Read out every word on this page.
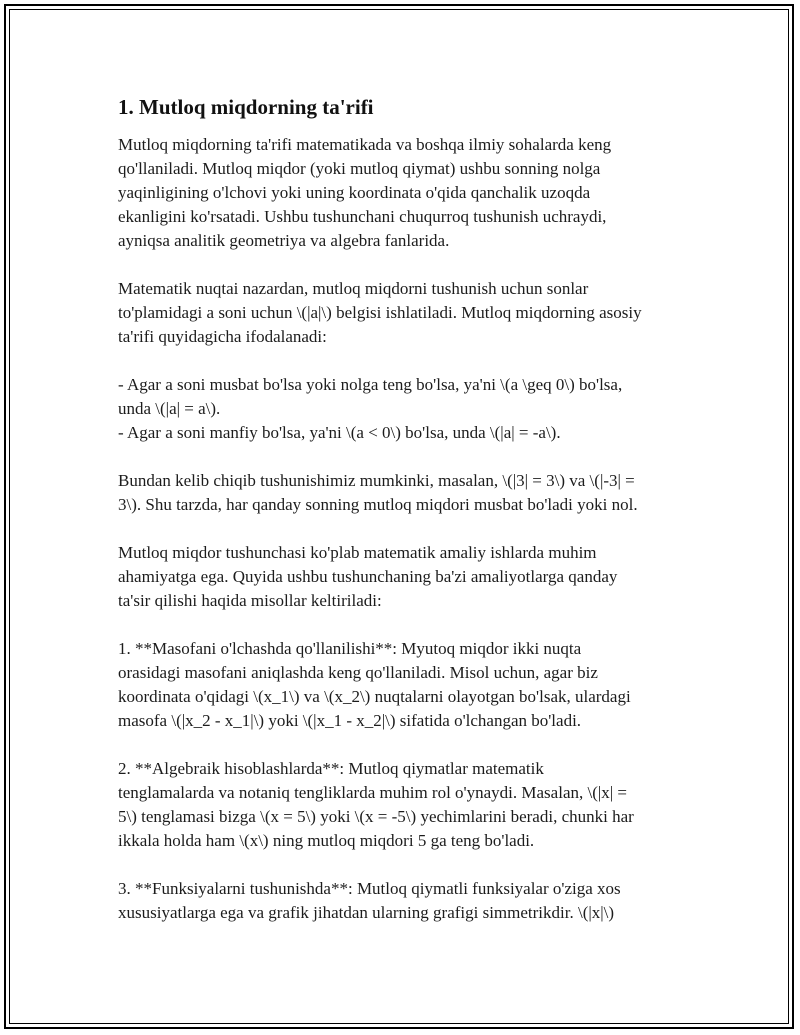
1. Mutloq miqdorning ta'rifi

Mutloq miqdorning ta'rifi matematikada va boshqa ilmiy sohalarda keng
qo'llaniladi. Mutloq miqdor (yoki mutloq qiymat) ushbu sonning nolga
yaqinligining o'lchovi yoki uning koordinata o'qida qanchalik uzoqda
ekanligini ko'rsatadi. Ushbu tushunchani chuqurroq tushunish uchraydi,
ayniqsa analitik geometriya va algebra fanlarida.

Matematik nuqtai nazardan, mutloq miqdorni tushunish uchun sonlar
to'plamidagi a soni uchun \(|a|\) belgisi ishlatiladi. Mutloq miqdorning asosiy
ta'rifi quyidagicha ifodalanadi:

- Agar a soni musbat bo'lsa yoki nolga teng bo'lsa, ya'ni \(a \geq 0\) bo'lsa,
unda \(|a| = a\).
- Agar a soni manfiy bo'lsa, ya'ni \(a < 0\) bo'lsa, unda \(|a| = -a\).

Bundan kelib chiqib tushunishimiz mumkinki, masalan, \(|3| = 3\) va \(|-3| =
3\). Shu tarzda, har qanday sonning mutloq miqdori musbat bo'ladi yoki nol.

Mutloq miqdor tushunchasi ko'plab matematik amaliy ishlarda muhim
ahamiyatga ega. Quyida ushbu tushunchaning ba'zi amaliyotlarga qanday
ta'sir qilishi haqida misollar keltiriladi:

1. **Masofani o'lchashda qo'llanilishi**: Myutoq miqdor ikki nuqta
orasidagi masofani aniqlashda keng qo'llaniladi. Misol uchun, agar biz
koordinata o'qidagi \(x_1\) va \(x_2\) nuqtalarni olayotgan bo'lsak, ulardagi
masofa \(|x_2 - x_1|\) yoki \(|x_1 - x_2|\) sifatida o'lchangan bo'ladi.

2. **Algebraik hisoblashlarda**: Mutloq qiymatlar matematik
tenglamalarda va notaniq tengliklarda muhim rol o'ynaydi. Masalan, \(|x| =
5\) tenglamasi bizga \(x = 5\) yoki \(x = -5\) yechimlarini beradi, chunki har
ikkala holda ham \(x\) ning mutloq miqdori 5 ga teng bo'ladi.

3. **Funksiyalarni tushunishda**: Mutloq qiymatli funksiyalar o'ziga xos
xususiyatlarga ega va grafik jihatdan ularning grafigi simmetrikdir. \(|x|\)
